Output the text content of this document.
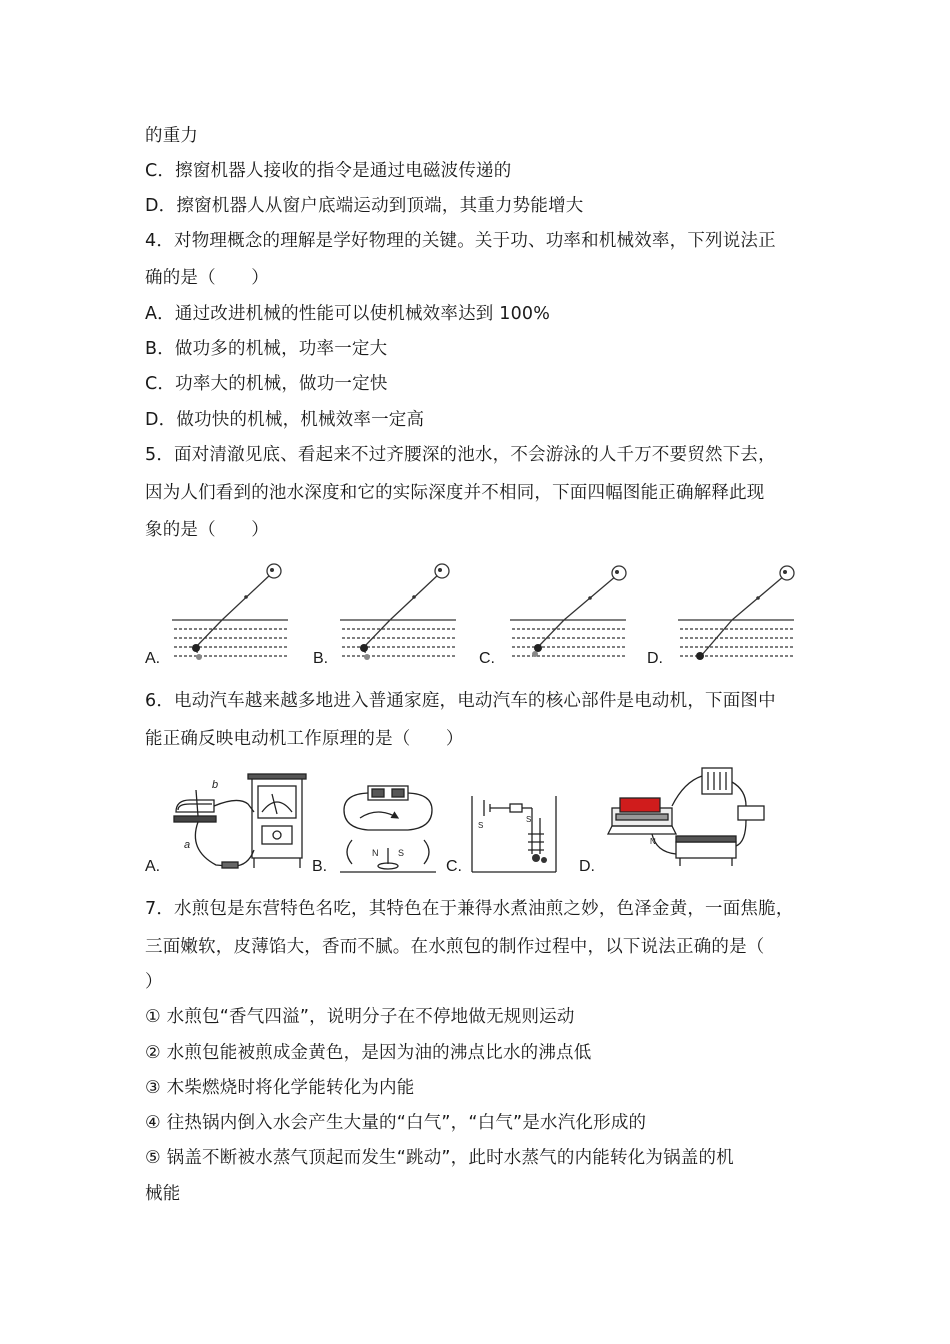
的重力
C．擦窗机器人接收的指令是通过电磁波传递的
D．擦窗机器人从窗户底端运动到顶端，其重力势能增大
4．对物理概念的理解是学好物理的关键。关于功、功率和机械效率，下列说法正
确的是（　　）
A．通过改进机械的性能可以使机械效率达到 100%
B．做功多的机械，功率一定大
C．功率大的机械，做功一定快
D．做功快的机械，机械效率一定高
5．面对清澈见底、看起来不过齐腰深的池水，不会游泳的人千万不要贸然下去，
因为人们看到的池水深度和它的实际深度并不相同，下面四幅图能正确解释此现
象的是（　　）
A.	B.	C.	D.
6．电动汽车越来越多地进入普通家庭，电动汽车的核心部件是电动机，下面图中
能正确反映电动机工作原理的是（　　）
A.	B.	C.	D.
b
a
N S
S
S
N
7．水煎包是东营特色名吃，其特色在于兼得水煮油煎之妙，色泽金黄，一面焦脆，
三面嫩软，皮薄馅大，香而不腻。在水煎包的制作过程中，以下说法正确的是（
）
① 水煎包“香气四溢”，说明分子在不停地做无规则运动
② 水煎包能被煎成金黄色，是因为油的沸点比水的沸点低
③ 木柴燃烧时将化学能转化为内能
④ 往热锅内倒入水会产生大量的“白气”，“白气”是水汽化形成的
⑤ 锅盖不断被水蒸气顶起而发生“跳动”，此时水蒸气的内能转化为锅盖的机
械能
